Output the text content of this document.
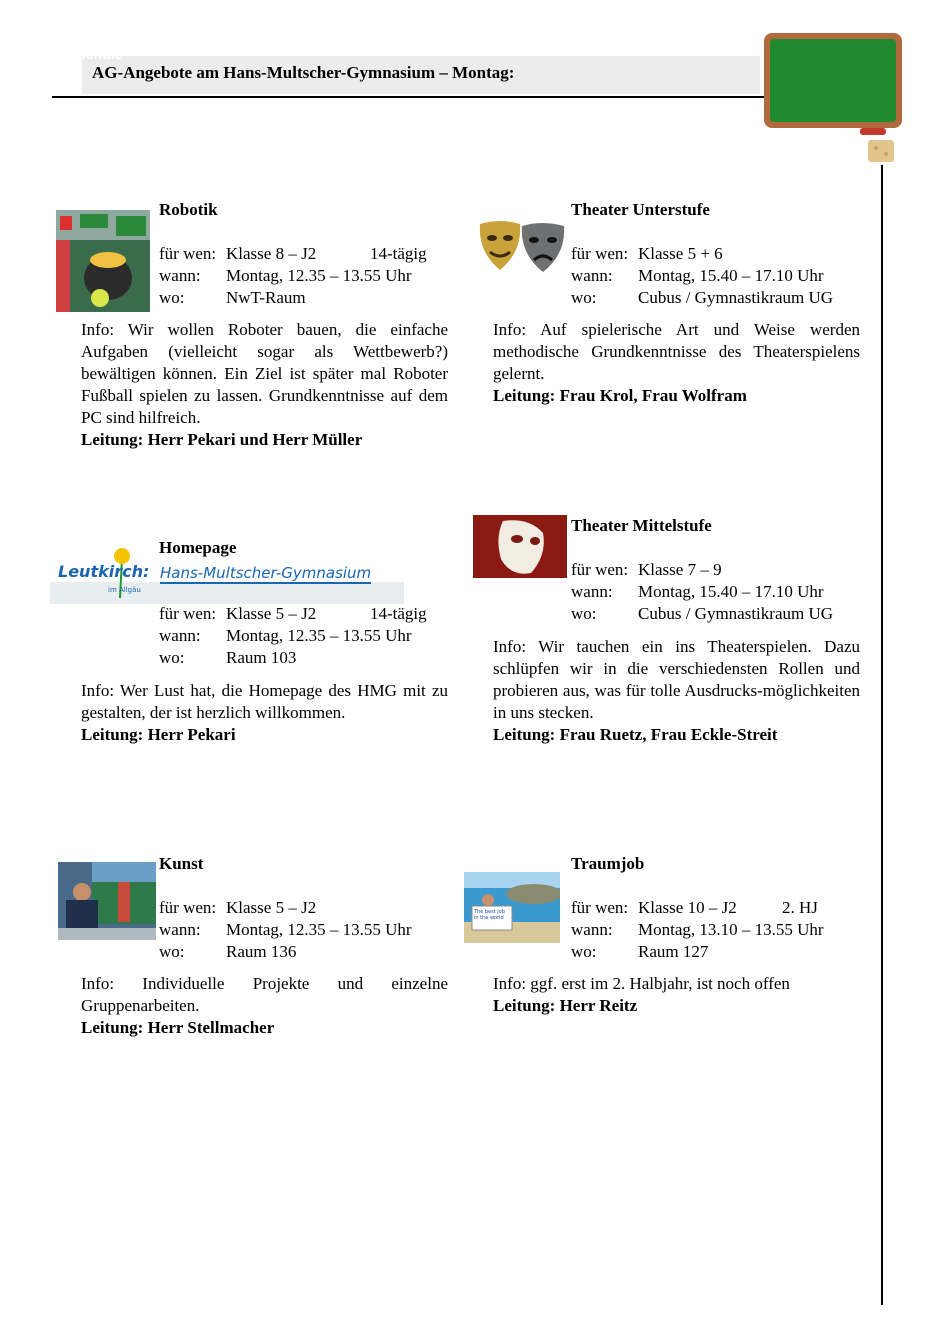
AG-Angebote am Hans-Multscher-Gymnasium – Montag:
Offene
Ganztagsschule
Robotik
für wen: Klasse 8 – J2	14-tägig
wann: Montag, 12.35 – 13.55 Uhr
wo: NwT-Raum
Info: Wir wollen Roboter bauen, die einfache Aufgaben (vielleicht sogar als Wettbewerb?) bewältigen können. Ein Ziel ist später mal Roboter Fußball spielen zu lassen. Grundkenntnisse auf dem PC sind hilfreich.
Leitung: Herr Pekari und Herr Müller
Theater Unterstufe
für wen: Klasse 5 + 6
wann: Montag, 15.40 – 17.10 Uhr
wo: Cubus / Gymnastikraum UG
Info: Auf spielerische Art und Weise werden methodische Grundkenntnisse des Theaterspielens gelernt.
Leitung: Frau Krol, Frau Wolfram
Homepage
Leutkirch: Hans-Multscher-Gymnasium
im Allgäu
für wen: Klasse 5 – J2	14-tägig
wann: Montag, 12.35 – 13.55 Uhr
wo: Raum 103
Info: Wer Lust hat, die Homepage des HMG mit zu gestalten, der ist herzlich willkommen.
Leitung: Herr Pekari
Theater Mittelstufe
für wen: Klasse 7 – 9
wann: Montag, 15.40 – 17.10 Uhr
wo: Cubus / Gymnastikraum UG
Info: Wir tauchen ein ins Theaterspielen. Dazu schlüpfen wir in die verschiedensten Rollen und probieren aus, was für tolle Ausdrucks-möglichkeiten in uns stecken.
Leitung: Frau Ruetz, Frau Eckle-Streit
Kunst
für wen: Klasse 5 – J2
wann: Montag, 12.35 – 13.55 Uhr
wo: Raum 136
Info: Individuelle Projekte und einzelne Gruppenarbeiten.
Leitung: Herr Stellmacher
The best job in the world
Traumjob
für wen: Klasse 10 – J2	2. HJ
wann: Montag, 13.10 – 13.55 Uhr
wo: Raum 127
Info: ggf. erst im 2. Halbjahr, ist noch offen
Leitung: Herr Reitz
